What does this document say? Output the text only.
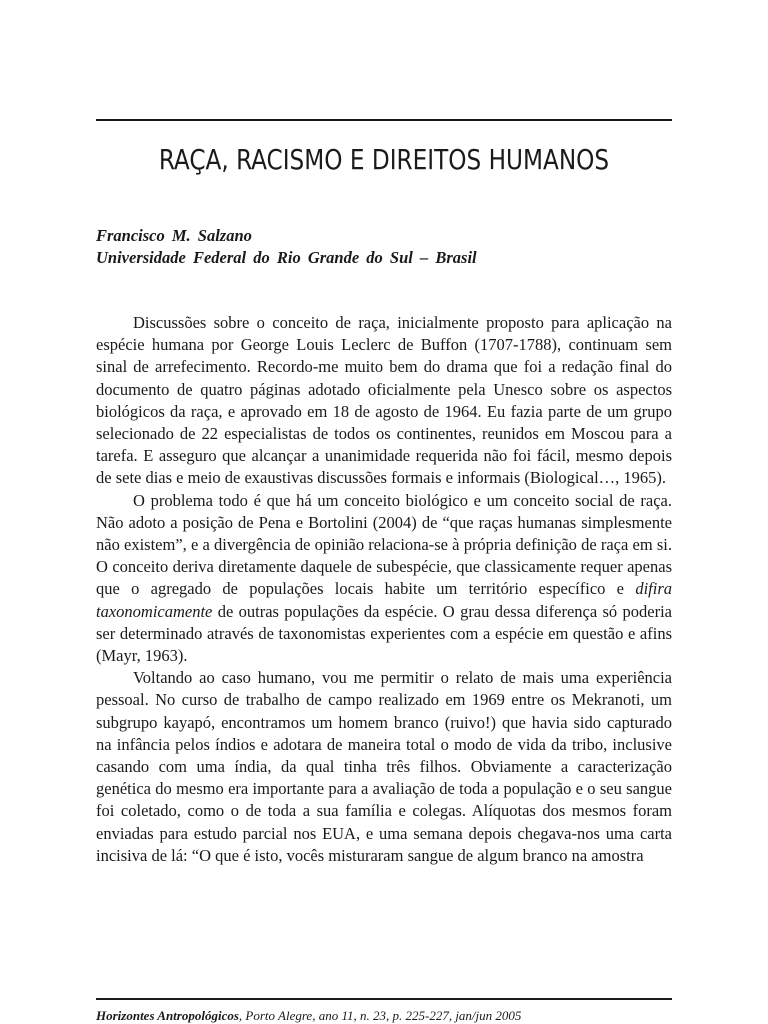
RAÇA, RACISMO E DIREITOS HUMANOS
Francisco M. Salzano
Universidade Federal do Rio Grande do Sul – Brasil

Discussões sobre o conceito de raça, inicialmente proposto para aplicação na espécie humana por George Louis Leclerc de Buffon (1707-1788), continuam sem sinal de arrefecimento. Recordo-me muito bem do drama que foi a redação final do documento de quatro páginas adotado oficialmente pela Unesco sobre os aspectos biológicos da raça, e aprovado em 18 de agosto de 1964. Eu fazia parte de um grupo selecionado de 22 especialistas de todos os continentes, reunidos em Moscou para a tarefa. E asseguro que alcançar a unanimidade requerida não foi fácil, mesmo depois de sete dias e meio de exaustivas discussões formais e informais (Biological…, 1965).

O problema todo é que há um conceito biológico e um conceito social de raça. Não adoto a posição de Pena e Bortolini (2004) de “que raças humanas simplesmente não existem”, e a divergência de opinião relaciona-se à própria definição de raça em si. O conceito deriva diretamente daquele de subespécie, que classicamente requer apenas que o agregado de populações locais habite um território específico e difira taxonomicamente de outras populações da espécie. O grau dessa diferença só poderia ser determinado através de taxonomistas experientes com a espécie em questão e afins (Mayr, 1963).

Voltando ao caso humano, vou me permitir o relato de mais uma experiência pessoal. No curso de trabalho de campo realizado em 1969 entre os Mekranoti, um subgrupo kayapó, encontramos um homem branco (ruivo!) que havia sido capturado na infância pelos índios e adotara de maneira total o modo de vida da tribo, inclusive casando com uma índia, da qual tinha três filhos. Obviamente a caracterização genética do mesmo era importante para a avaliação de toda a população e o seu sangue foi coletado, como o de toda a sua família e colegas. Alíquotas dos mesmos foram enviadas para estudo parcial nos EUA, e uma semana depois chegava-nos uma carta incisiva de lá: “O que é isto, vocês misturaram sangue de algum branco na amostra

Horizontes Antropológicos, Porto Alegre, ano 11, n. 23, p. 225-227, jan/jun 2005
